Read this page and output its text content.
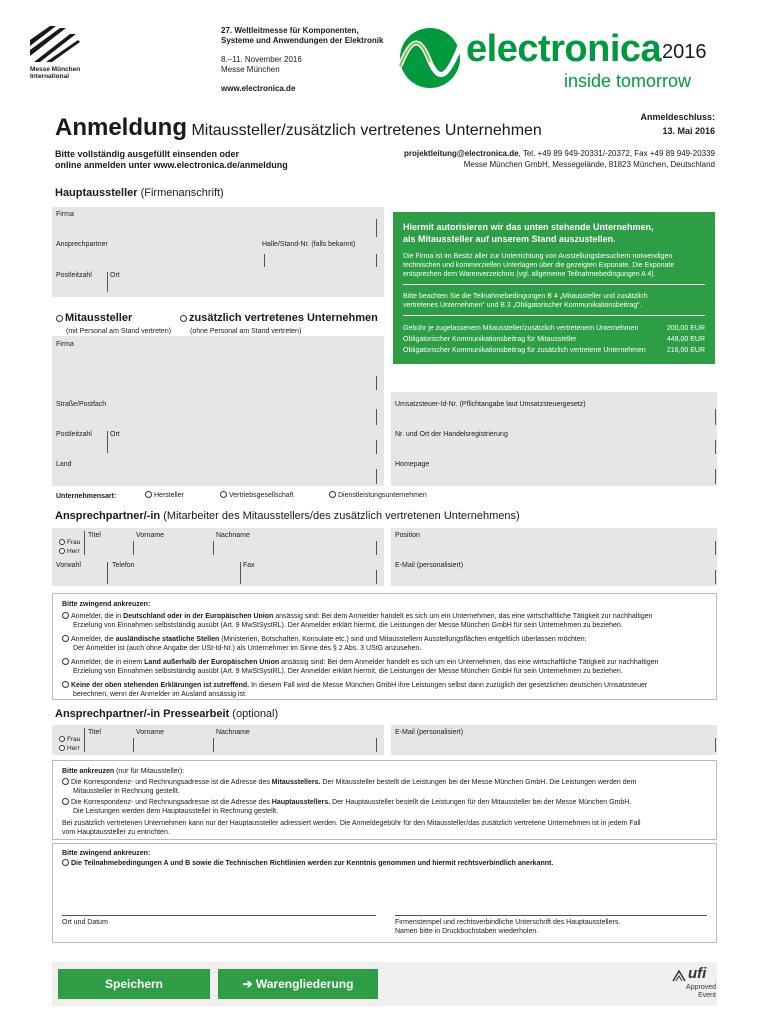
Messe München
International
27. Weltleitmesse für Komponenten,
Systeme und Anwendungen der Elektronik
8.–11. November 2016
Messe München
www.electronica.de
electronica 2016
inside tomorrow
Anmeldung Mitaussteller/zusätzlich vertretenes Unternehmen
Anmeldeschluss:
13. Mai 2016
Bitte vollständig ausgefüllt einsenden oder
online anmelden unter www.electronica.de/anmeldung
projektleitung@electronica.de, Tel. +49 89 949-20331/-20372, Fax +49 89 949-20339
Messe München GmbH, Messegelände, 81823 München, Deutschland
Hauptaussteller (Firmenanschrift)
Firma
Ansprechpartner	Halle/Stand-Nr. (falls bekannt)
Postleitzahl	Ort
Hiermit autorisieren wir das unten stehende Unternehmen,
als Mitaussteller auf unserem Stand auszustellen.
Die Firma ist im Besitz aller zur Unterrichtung von Ausstellungsbesuchern notwendigen
technischen und kommerziellen Unterlagen über die gezeigten Exponate. Die Exponate
entsprechen dem Warenverzeichnis (vgl. allgemeine Teilnahmebedingungen A 4).
Bitte beachten Sie die Teilnahmebedingungen B 4 „Mitaussteller und zusätzlich
vertretenes Unternehmen“ und B 3 „Obligatorischer Kommunikationsbeitrag“.
Gebühr je zugelassenem Mitaussteller/zusätzlich vertretenem Unternehmen	200,00 EUR
Obligatorischer Kommunikationsbeitrag für Mitaussteller	448,00 EUR
Obligatorischer Kommunikationsbeitrag für zusätzlich vertretene Unternehmen	216,00 EUR
Mitaussteller
(mit Personal am Stand vertreten)
zusätzlich vertretenes Unternehmen
(ohne Personal am Stand vertreten)
Firma
Straße/Postfach
Postleitzahl	Ort
Land
Umsatzsteuer-Id-Nr. (Pflichtangabe laut Umsatzsteuergesetz)
Nr. und Ort der Handelsregistrierung
Homepage
Unternehmensart:	Hersteller	Vertriebsgesellschaft	Dienstleistungsunternehmen
Ansprechpartner/-in (Mitarbeiter des Mitausstellers/des zusätzlich vertretenen Unternehmens)
Titel	Vorname	Nachname	Position
Frau
Herr
Vorwahl	Telefon	Fax	E-Mail (personalisiert)
Bitte zwingend ankreuzen:
Anmelder, die in Deutschland oder in der Europäischen Union ansässig sind: Bei dem Anmelder handelt es sich um ein Unternehmen, das eine wirtschaftliche Tätigkeit zur nachhaltigen
Erzielung von Einnahmen selbstständig ausübt (Art. 9 MwStSystRL). Der Anmelder erklärt hiermit, die Leistungen der Messe München GmbH für sein Unternehmen zu beziehen.
Anmelder, die ausländische staatliche Stellen (Ministerien, Botschaften, Konsulate etc.) sind und Mitausstellern Ausstellungsflächen entgeltlich überlassen möchten:
Der Anmelder ist (auch ohne Angabe der USt-Id-Nr.) als Unternehmer im Sinne des § 2 Abs. 3 UStG anzusehen.
Anmelder, die in einem Land außerhalb der Europäischen Union ansässig sind: Bei dem Anmelder handelt es sich um ein Unternehmen, das eine wirtschaftliche Tätigkeit zur nachhaltigen
Erzielung von Einnahmen selbstständig ausübt (Art. 9 MwStSystRL). Der Anmelder erklärt hiermit, die Leistungen der Messe München GmbH für sein Unternehmen zu beziehen.
Keine der oben stehenden Erklärungen ist zutreffend. In diesem Fall wird die Messe München GmbH ihre Leistungen selbst dann zuzüglich der gesetzlichen deutschen Umsatzsteuer
berechnen, wenn der Anmelder im Ausland ansässig ist.
Ansprechpartner/-in Pressearbeit (optional)
Titel	Vorname	Nachname	E-Mail (personalisiert)
Frau
Herr
Bitte ankreuzen (nur für Mitaussteller):
Die Korrespondenz- und Rechnungsadresse ist die Adresse des Mitausstellers. Der Mitaussteller bestellt die Leistungen bei der Messe München GmbH. Die Leistungen werden dem
Mitaussteller in Rechnung gestellt.
Die Korrespondenz- und Rechnungsadresse ist die Adresse des Hauptausstellers. Der Hauptaussteller bestellt die Leistungen für den Mitaussteller bei der Messe München GmbH.
Die Leistungen werden dem Hauptaussteller in Rechnung gestellt.
Bei zusätzlich vertretenen Unternehmen kann nur der Hauptaussteller adressiert werden. Die Anmeldegebühr für den Mitaussteller/das zusätzlich vertretene Unternehmen ist in jedem Fall
vom Hauptaussteller zu entrichten.
Bitte zwingend ankreuzen:
Die Teilnahmebedingungen A und B sowie die Technischen Richtlinien werden zur Kenntnis genommen und hiermit rechtsverbindlich anerkannt.
Ort und Datum	Firmenstempel und rechtsverbindliche Unterschrift des Hauptausstellers.
Namen bitte in Druckbuchstaben wiederholen.
Speichern	➔ Warengliederung
ufi
Approved
Event
